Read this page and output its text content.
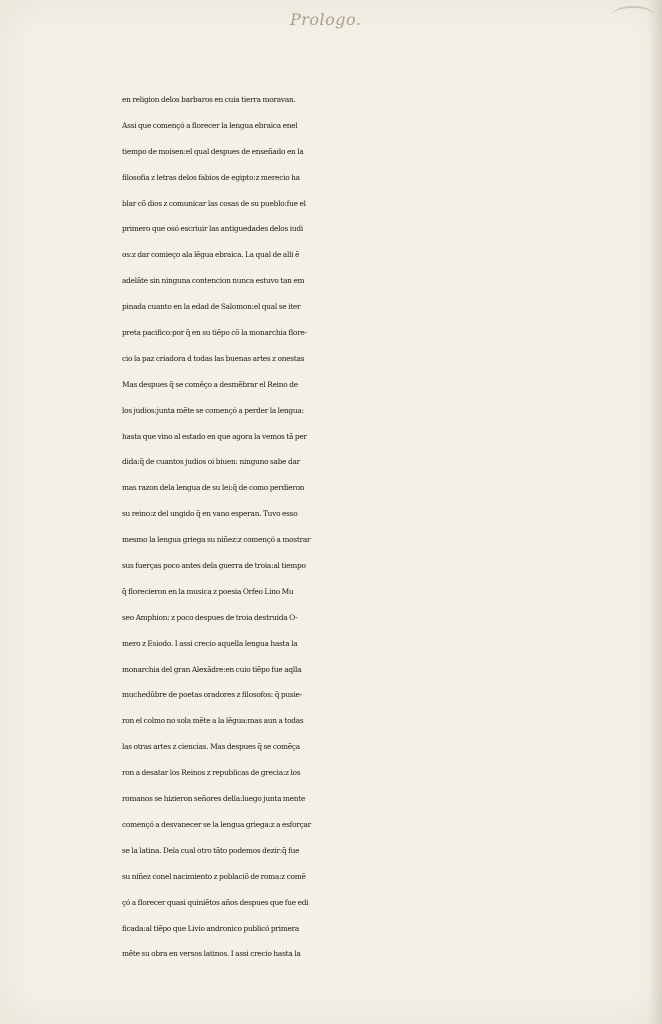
Prologo.
en religion delos barbaros en cuia tierra moravan.
Assi que començó a florecer la lengua ebraica enel
tiempo de moisen:el qual despues de enseñado en la
filosofia z letras delos fabios de egipto:z merecio ha
blar cõ dios z comunicar las cosas de su pueblo:fue el
primero que osó escriuir las antiguedades delos iudi
os:z dar comieço ala lẽgua ebraica. La qual de alli ẽ
adelãte sin ninguna contencion nunca estuvo tan em
pinada cuanto en la edad de Salomon:el qual se iter
preta pacifico:por q̃ en su tiẽpo cõ la monarchia flore-
cio la paz criadora d todas las buenas artes z onestas
Mas despues q̃ se comêço a desmẽbrar el Reino de
los judios:junta mẽte se començó a perder la lengua:
hasta que vino al estado en que agora la vemos tã per
dida:q̃ de cuantos judios oi biuen: ninguno sabe dar
mas razon dela lengua de su lei:q̃ de como perdieron
su reino:z del ungido q̃ en vano esperan. Tuvo esso
mesmo la lengua griega su niñez:z començó a mostrar
sus fuerças poco antes dela guerra de troia:al tiempo
q̃ florecieron en la musica z poesia Orfeo Lino Mu
seo Amphion: z poco despues de troia destruida O-
mero z Esiodo. I assi crecio aquella lengua hasta la
monarchia del gran Alexãdre:en cuio tiẽpo fue aqlla
muchedũbre de poetas oradores z filosofos: q̃ pusie-
ron el colmo no sola mẽte a la lẽgua:mas aun a todas
las otras artes z ciencias. Mas despues q̃ se comẽça
ron a desatar los Reinos z republicas de grecia:z los
romanos se hizieron señores della:luego junta mente
començó a desvanecer se la lengua griega:z a esforçar
se la latina. Dela cual otro tãto podemos dezir:q̃ fue
su niñez conel nacimiento z poblaciõ de roma:z comẽ
çó a florecer quasi quiniẽtos años despues que fue edi
ficada:al tiẽpo que Livio andronico publicó primera
mẽte su obra en versos latinos. I assi crecio hasta la
·
